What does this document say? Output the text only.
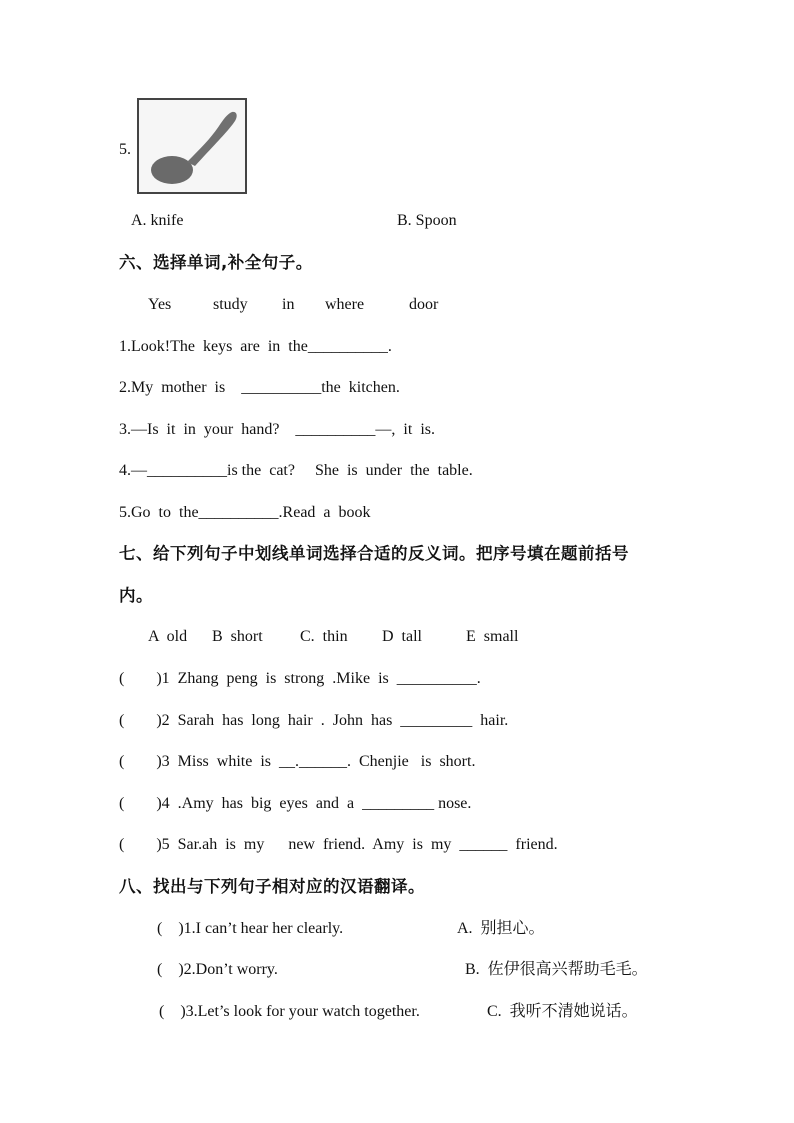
5.
A. knife	B. Spoon
六、选择单词,补全句子。
Yes	study in where	door
1.Look!The  keys  are  in  the__________.
2.My  mother  is    __________the  kitchen.
3.—Is  it  in  your  hand?    __________—,  it  is.
4.—__________is the  cat?     She  is  under  the  table.
5.Go  to  the__________.Read  a  book
七、给下列句子中划线单词选择合适的反义词。把序号填在题前括号
内。
A  old B  short C.  thin D  tall	E  small
(        )1  Zhang  peng  is  strong  .Mike  is  __________.
(        )2  Sarah  has  long  hair  .  John  has  _________  hair.
(        )3  Miss  white  is  __.______.  Chenjie   is  short.
(        )4  .Amy  has  big  eyes  and  a  _________ nose.
(        )5  Sar.ah  is  my      new  friend.  Amy  is  my  ______  friend.
八、找出与下列句子相对应的汉语翻译。
(    )1.I can’t hear her clearly.	A.  别担心。
(    )2.Don’t worry.	B.  佐伊很高兴帮助毛毛。
(    )3.Let’s look for your watch together.	C.  我听不清她说话。
